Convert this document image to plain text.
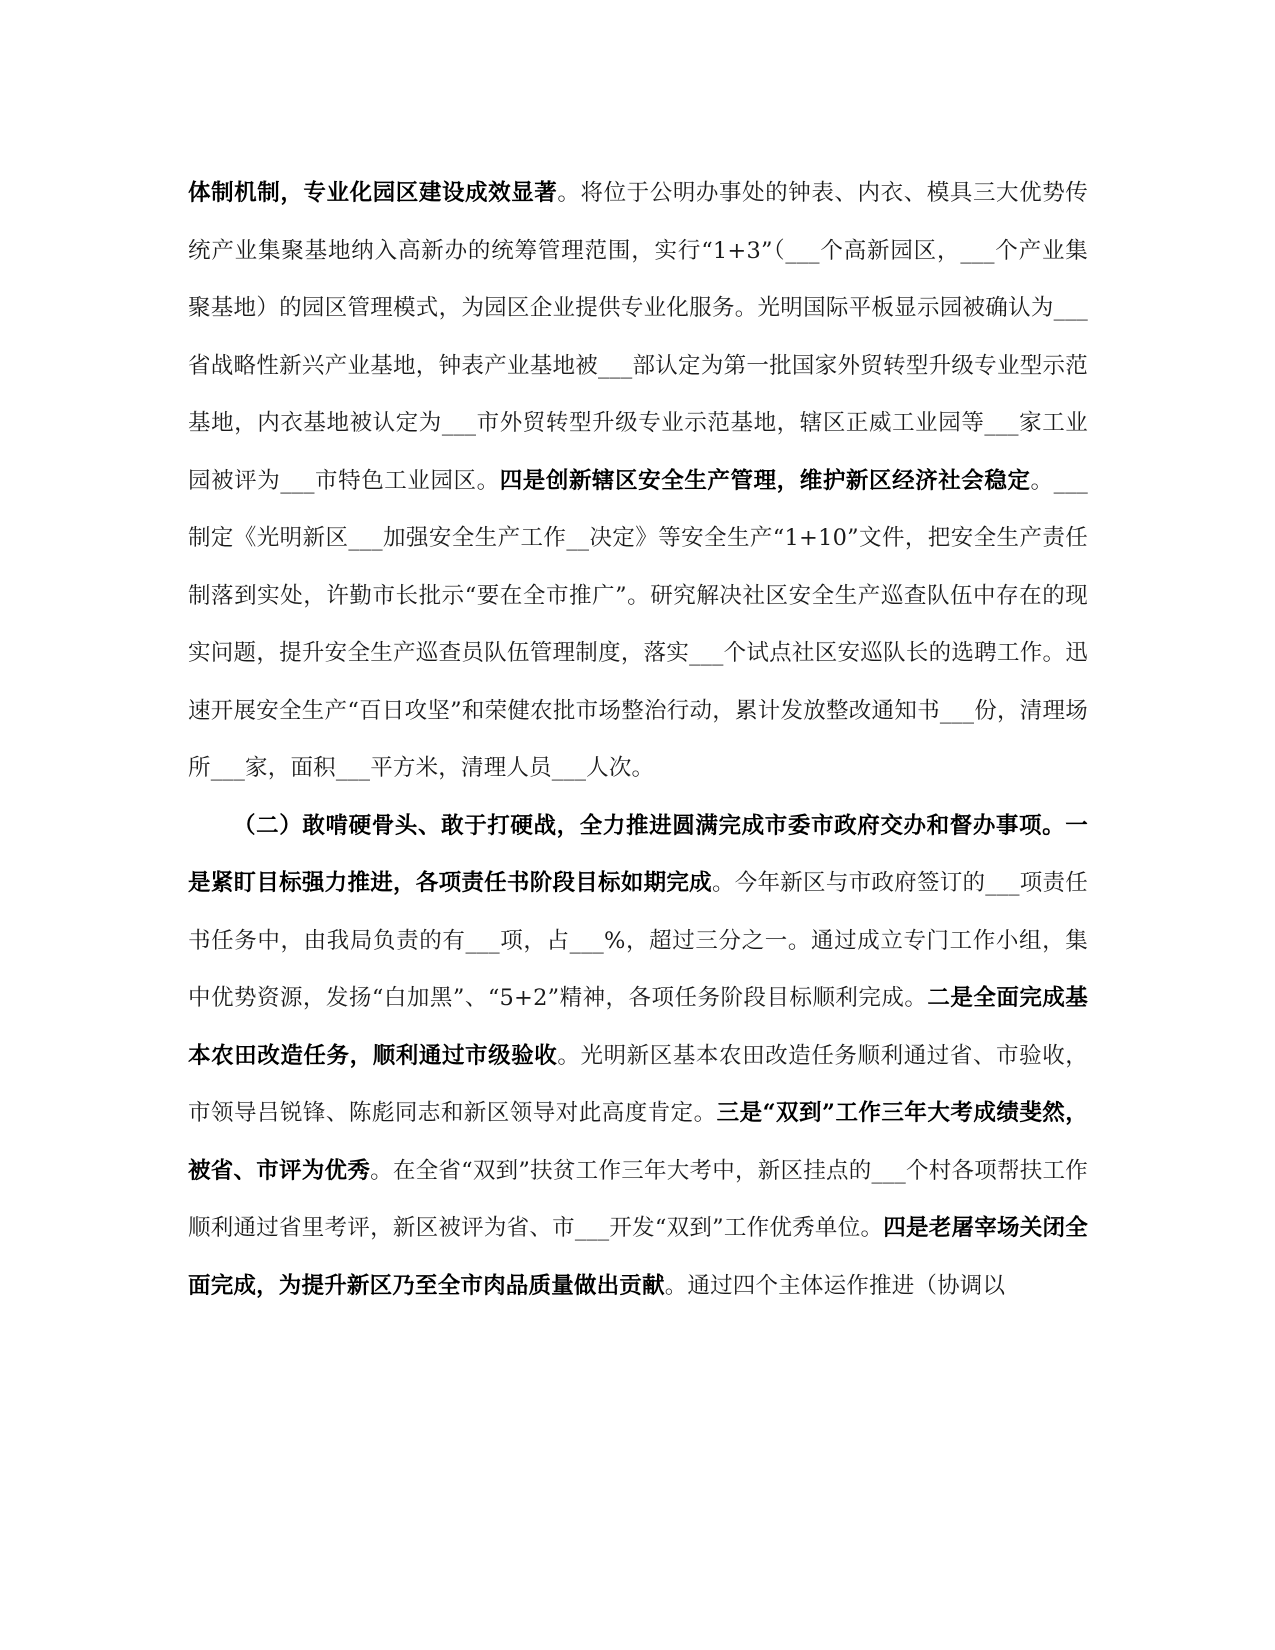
体制机制，专业化园区建设成效显著。将位于公明办事处的钟表、内衣、模具三大优势传统产业集聚基地纳入高新办的统筹管理范围，实行“1+3”（___个高新园区，___个产业集聚基地）的园区管理模式，为园区企业提供专业化服务。光明国际平板显示园被确认为___省战略性新兴产业基地，钟表产业基地被___部认定为第一批国家外贸转型升级专业型示范基地，内衣基地被认定为___市外贸转型升级专业示范基地，辖区正威工业园等___家工业园被评为___市特色工业园区。四是创新辖区安全生产管理，维护新区经济社会稳定。___制定《光明新区___加强安全生产工作__决定》等安全生产“1+10”文件，把安全生产责任制落到实处，许勤市长批示“要在全市推广”。研究解决社区安全生产巡查队伍中存在的现实问题，提升安全生产巡查员队伍管理制度，落实___个试点社区安巡队长的选聘工作。迅速开展安全生产“百日攻坚”和荣健农批市场整治行动，累计发放整改通知书___份，清理场所___家，面积___平方米，清理人员___人次。

（二）敢啃硬骨头、敢于打硬战，全力推进圆满完成市委市政府交办和督办事项。一是紧盯目标强力推进，各项责任书阶段目标如期完成。今年新区与市政府签订的___项责任书任务中，由我局负责的有___项，占___%，超过三分之一。通过成立专门工作小组，集中优势资源，发扬“白加黑”、“5+2”精神，各项任务阶段目标顺利完成。二是全面完成基本农田改造任务，顺利通过市级验收。光明新区基本农田改造任务顺利通过省、市验收，市领导吕锐锋、陈彪同志和新区领导对此高度肯定。三是“双到”工作三年大考成绩斐然，被省、市评为优秀。在全省“双到”扶贫工作三年大考中，新区挂点的___个村各项帮扶工作顺利通过省里考评，新区被评为省、市___开发“双到”工作优秀单位。四是老屠宰场关闭全面完成，为提升新区乃至全市肉品质量做出贡献。通过四个主体运作推进（协调以
